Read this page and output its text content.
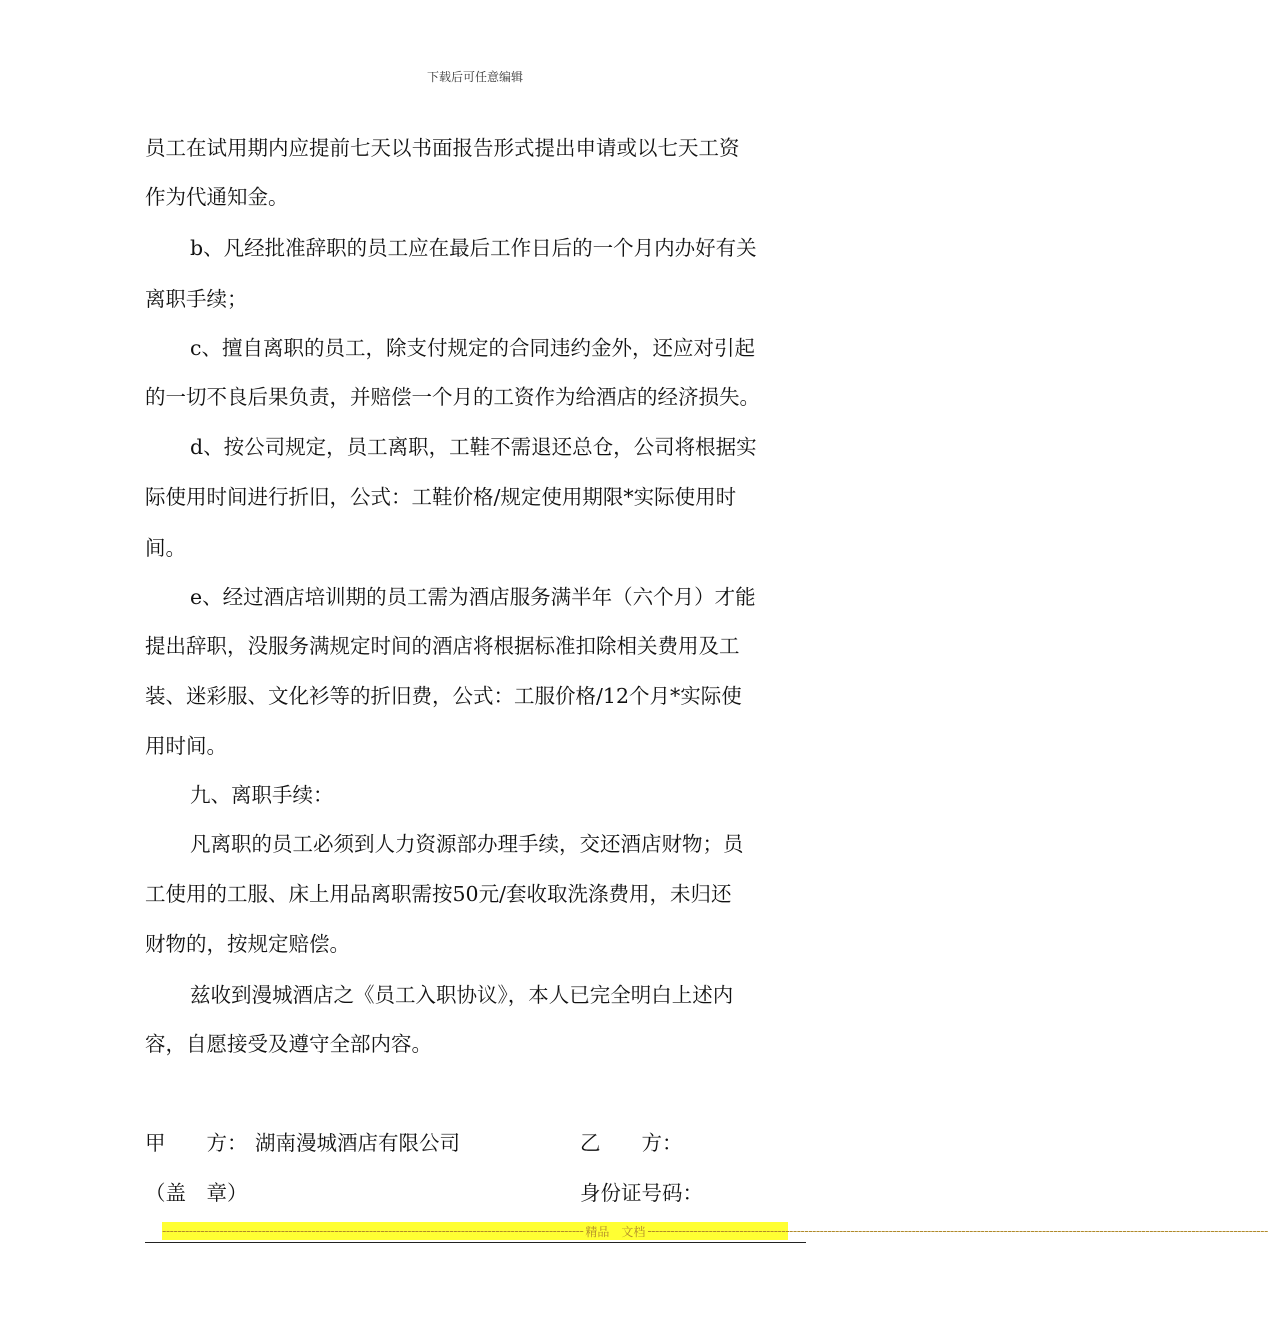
下载后可任意编辑
员工在试用期内应提前七天以书面报告形式提出申请或以七天工资
作为代通知金。
b、凡经批准辞职的员工应在最后工作日后的一个月内办好有关
离职手续；
c、擅自离职的员工，除支付规定的合同违约金外，还应对引起
的一切不良后果负责，并赔偿一个月的工资作为给酒店的经济损失。
d、按公司规定，员工离职，工鞋不需退还总仓，公司将根据实
际使用时间进行折旧，公式：工鞋价格/规定使用期限*实际使用时
间。
e、经过酒店培训期的员工需为酒店服务满半年（六个月）才能
提出辞职，没服务满规定时间的酒店将根据标准扣除相关费用及工
装、迷彩服、文化衫等的折旧费，公式：工服价格/12个月*实际使
用时间。
九、离职手续：
凡离职的员工必须到人力资源部办理手续，交还酒店财物；员
工使用的工服、床上用品离职需按50元/套收取洗涤费用，未归还
财物的，按规定赔偿。
兹收到漫城酒店之《员工入职协议》，本人已完全明白上述内
容，自愿接受及遵守全部内容。
甲　　方： 湖南漫城酒店有限公司	乙　　方：
（盖　章）	身份证号码：
-------------------------------------------------------------------------------------------------------------- 精品　文档 ------------------------------------------------------------------------------------------------------------------------------------------------------------------
